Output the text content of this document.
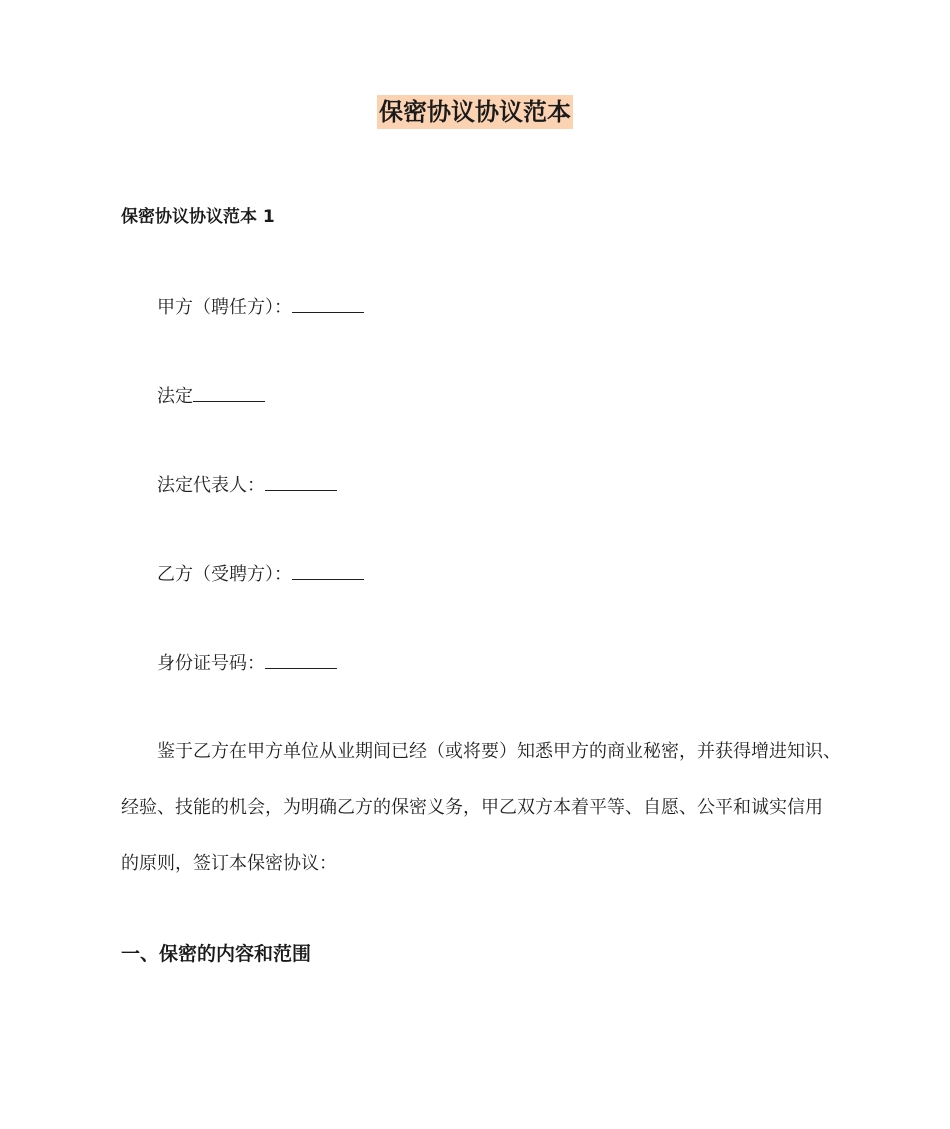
保密协议协议范本
保密协议协议范本 1
甲方（聘任方）：
法定
法定代表人：
乙方（受聘方）：
身份证号码：
鉴于乙方在甲方单位从业期间已经（或将要）知悉甲方的商业秘密，并获得增进知识、
经验、技能的机会，为明确乙方的保密义务，甲乙双方本着平等、自愿、公平和诚实信用
的原则，签订本保密协议：
一、保密的内容和范围
